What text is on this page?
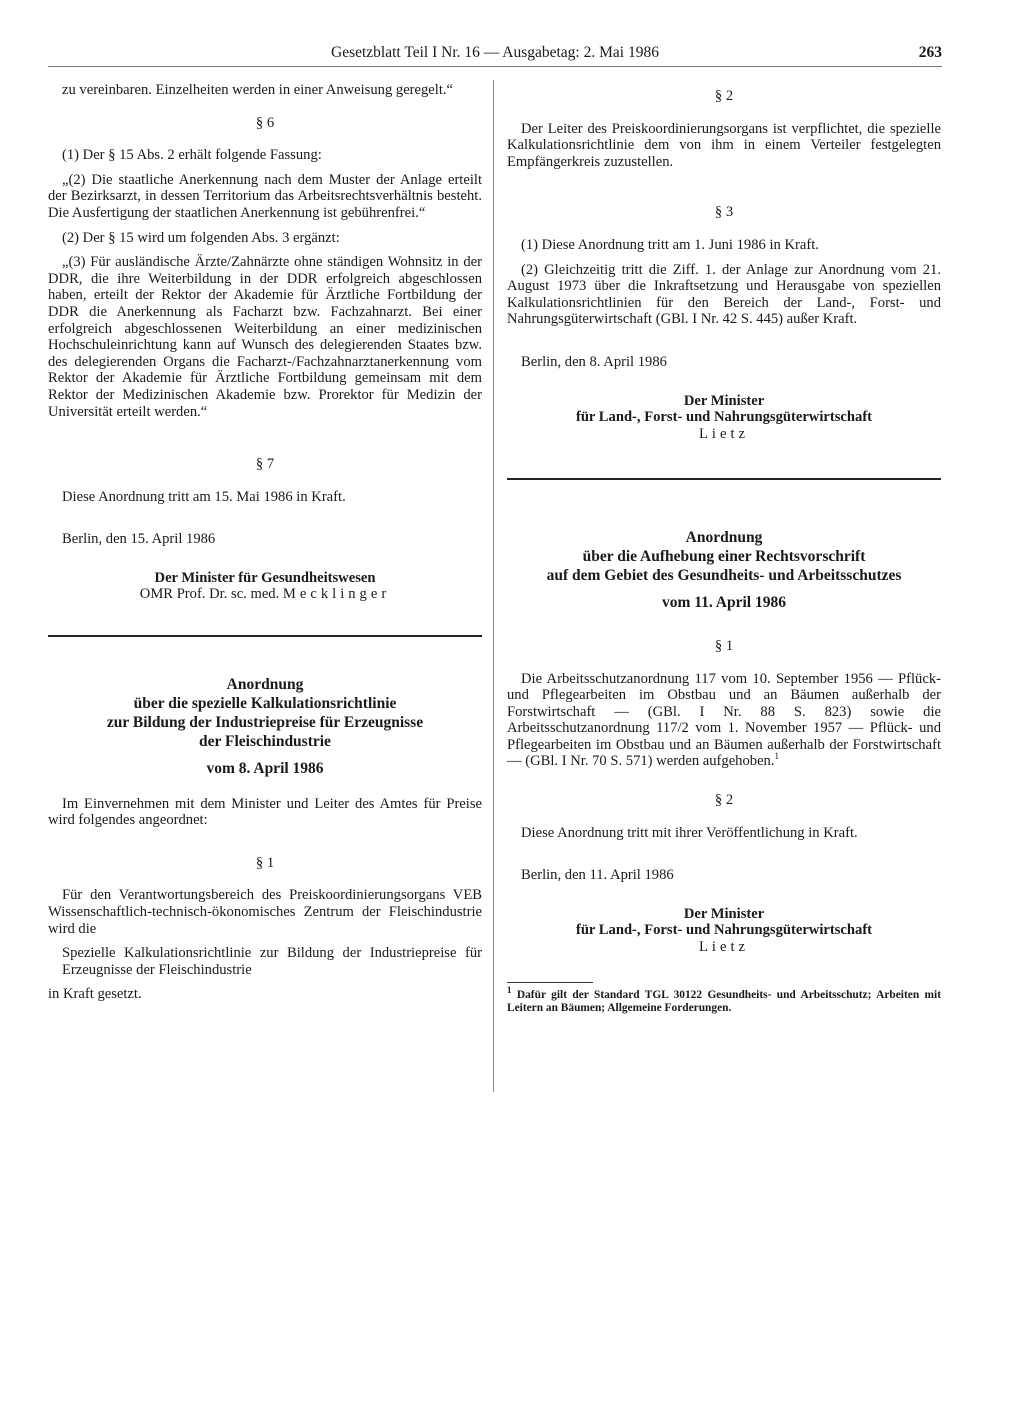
Gesetzblatt Teil I Nr. 16 — Ausgabetag: 2. Mai 1986	263

zu vereinbaren. Einzelheiten werden in einer Anweisung geregelt.“

§ 6

(1) Der § 15 Abs. 2 erhält folgende Fassung:

„(2) Die staatliche Anerkennung nach dem Muster der Anlage erteilt der Bezirksarzt, in dessen Territorium das Arbeitsrechtsverhältnis besteht. Die Ausfertigung der staatlichen Anerkennung ist gebührenfrei.“

(2) Der § 15 wird um folgenden Abs. 3 ergänzt:

„(3) Für ausländische Ärzte/Zahnärzte ohne ständigen Wohnsitz in der DDR, die ihre Weiterbildung in der DDR erfolgreich abgeschlossen haben, erteilt der Rektor der Akademie für Ärztliche Fortbildung der DDR die Anerkennung als Facharzt bzw. Fachzahnarzt. Bei einer erfolgreich abgeschlossenen Weiterbildung an einer medizinischen Hochschuleinrichtung kann auf Wunsch des delegierenden Staates bzw. des delegierenden Organs die Facharzt-/Fachzahnarztanerkennung vom Rektor der Akademie für Ärztliche Fortbildung gemeinsam mit dem Rektor der Medizinischen Akademie bzw. Prorektor für Medizin der Universität erteilt werden.“

§ 7

Diese Anordnung tritt am 15. Mai 1986 in Kraft.

Berlin, den 15. April 1986

Der Minister für Gesundheitswesen

OMR Prof. Dr. sc. med. Mecklinger

Anordnung

über die spezielle Kalkulationsrichtlinie

zur Bildung der Industriepreise für Erzeugnisse

der Fleischindustrie

vom 8. April 1986

Im Einvernehmen mit dem Minister und Leiter des Amtes für Preise wird folgendes angeordnet:

§ 1

Für den Verantwortungsbereich des Preiskoordinierungsorgans VEB Wissenschaftlich-technisch-ökonomisches Zentrum der Fleischindustrie wird die

Spezielle Kalkulationsrichtlinie zur Bildung der Industriepreise für Erzeugnisse der Fleischindustrie

in Kraft gesetzt.

§ 2

Der Leiter des Preiskoordinierungsorgans ist verpflichtet, die spezielle Kalkulationsrichtlinie dem von ihm in einem Verteiler festgelegten Empfängerkreis zuzustellen.

§ 3

(1) Diese Anordnung tritt am 1. Juni 1986 in Kraft.

(2) Gleichzeitig tritt die Ziff. 1. der Anlage zur Anordnung vom 21. August 1973 über die Inkraftsetzung und Herausgabe von speziellen Kalkulationsrichtlinien für den Bereich der Land-, Forst- und Nahrungsgüterwirtschaft (GBl. I Nr. 42 S. 445) außer Kraft.

Berlin, den 8. April 1986

Der Minister

für Land-, Forst- und Nahrungsgüterwirtschaft

Lietz

Anordnung

über die Aufhebung einer Rechtsvorschrift

auf dem Gebiet des Gesundheits- und Arbeitsschutzes

vom 11. April 1986

§ 1

Die Arbeitsschutzanordnung 117 vom 10. September 1956 — Pflück- und Pflegearbeiten im Obstbau und an Bäumen außerhalb der Forstwirtschaft — (GBl. I Nr. 88 S. 823) sowie die Arbeitsschutzanordnung 117/2 vom 1. November 1957 — Pflück- und Pflegearbeiten im Obstbau und an Bäumen außerhalb der Forstwirtschaft — (GBl. I Nr. 70 S. 571) werden aufgehoben.$^1$

§ 2

Diese Anordnung tritt mit ihrer Veröffentlichung in Kraft.

Berlin, den 11. April 1986

Der Minister

für Land-, Forst- und Nahrungsgüterwirtschaft

Lietz

$^1$ Dafür gilt der Standard TGL 30122 Gesundheits- und Arbeitsschutz; Arbeiten mit Leitern an Bäumen; Allgemeine Forderungen.
